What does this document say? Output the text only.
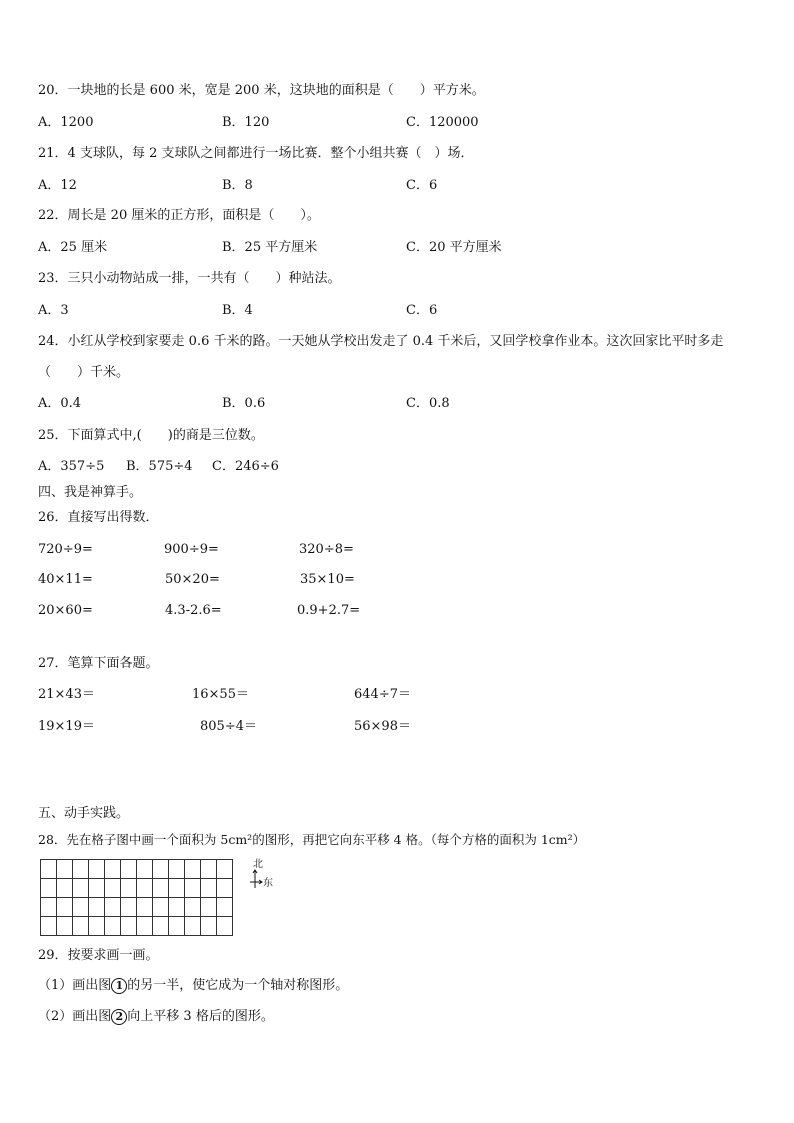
20．一块地的长是 600 米，宽是 200 米，这块地的面积是（　　）平方米。
A．1200	B．120	C．120000
21．4 支球队，每 2 支球队之间都进行一场比赛．整个小组共赛（　）场．
A．12	B．8	C．6
22．周长是 20 厘米的正方形，面积是（　　）。
A．25 厘米	B．25 平方厘米	C．20 平方厘米
23．三只小动物站成一排，一共有（　　）种站法。
A．3	B．4	C．6
24．小红从学校到家要走 0.6 千米的路。一天她从学校出发走了 0.4 千米后，又回学校拿作业本。这次回家比平时多走
（　　）千米。
A．0.4	B．0.6	C．0.8
25．下面算式中,(　　)的商是三位数。
A．357÷5 B．575÷4 C．246÷6
四、我是神算手。
26．直接写出得数．
720÷9=	900÷9=	320÷8=
40×11=	50×20=	35×10=
20×60=	4.3-2.6=	0.9+2.7=
27．笔算下面各题。
21×43＝	16×55＝	644÷7＝
19×19＝	805÷4＝	56×98＝
五、动手实践。
28．先在格子图中画一个面积为 5cm²的图形，再把它向东平移 4 格。（每个方格的面积为 1cm²）

北
东
29．按要求画一画。
（1）画出图 1 的另一半，使它成为一个轴对称图形。
（2）画出图 2 向上平移 3 格后的图形。
